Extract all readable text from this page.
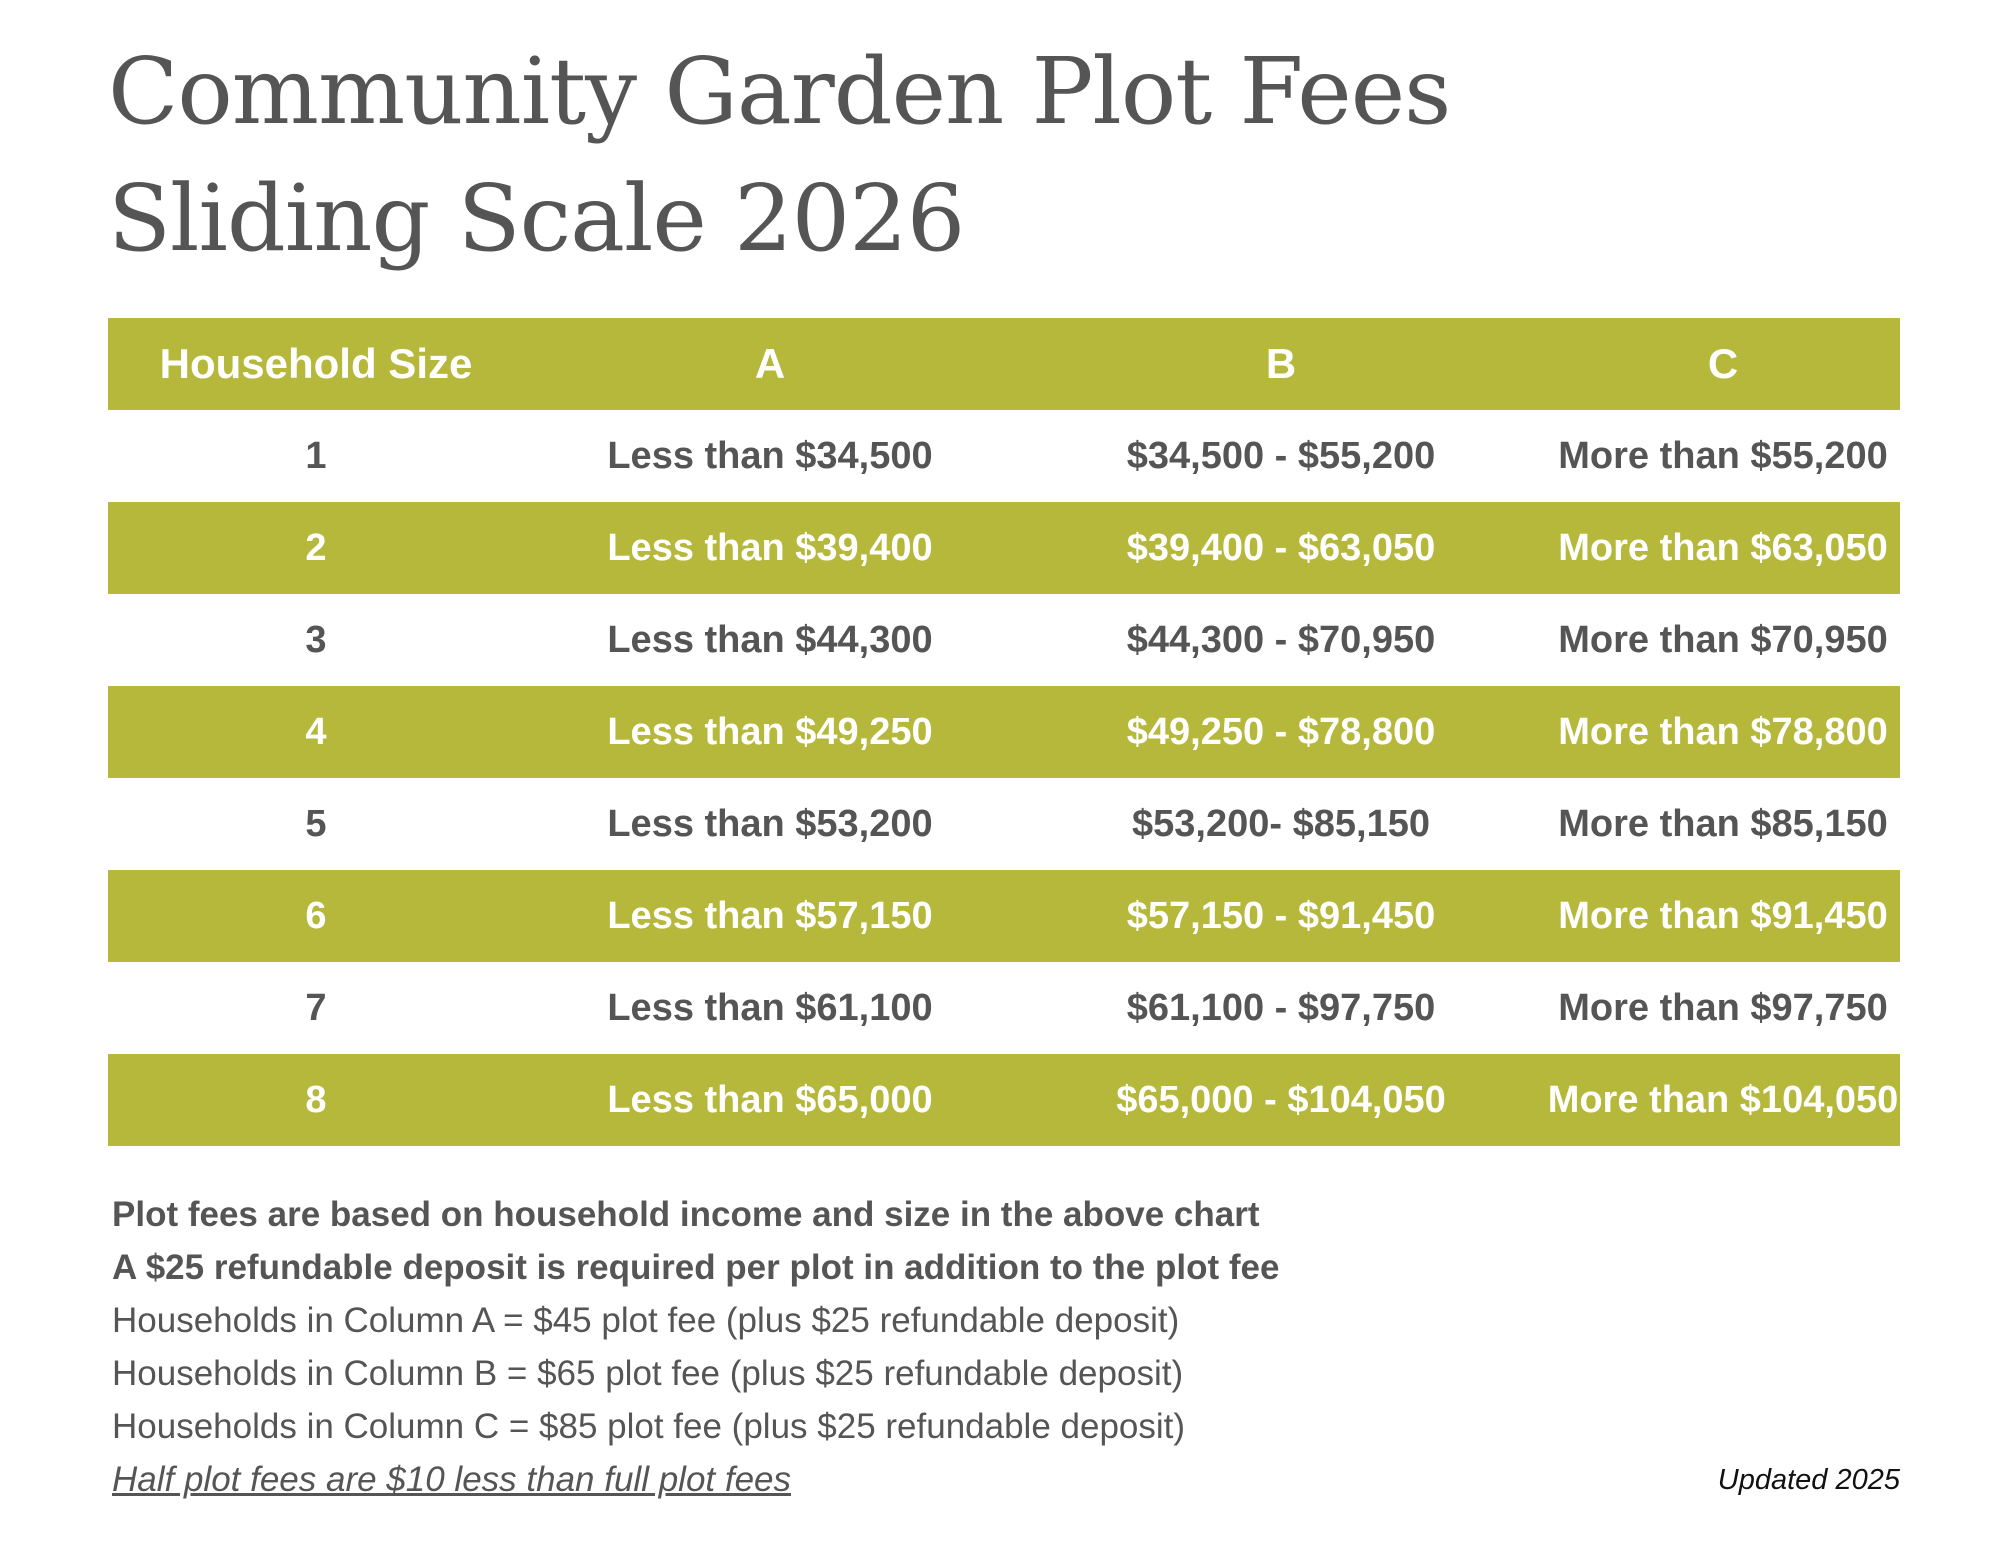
Community Garden Plot Fees
Sliding Scale 2026
Household Size	A	B	C
1	Less than $34,500	$34,500 - $55,200	More than $55,200
2	Less than $39,400	$39,400 - $63,050	More than $63,050
3	Less than $44,300	$44,300 - $70,950	More than $70,950
4	Less than $49,250	$49,250 - $78,800	More than $78,800
5	Less than $53,200	$53,200- $85,150	More than $85,150
6	Less than $57,150	$57,150 - $91,450	More than $91,450
7	Less than $61,100	$61,100 - $97,750	More than $97,750
8	Less than $65,000	$65,000 - $104,050	More than $104,050

Plot fees are based on household income and size in the above chart

A $25 refundable deposit is required per plot in addition to the plot fee

Households in Column A = $45 plot fee (plus $25 refundable deposit)

Households in Column B = $65 plot fee (plus $25 refundable deposit)

Households in Column C = $85 plot fee (plus $25 refundable deposit)

Half plot fees are $10 less than full plot fees	Updated 2025
